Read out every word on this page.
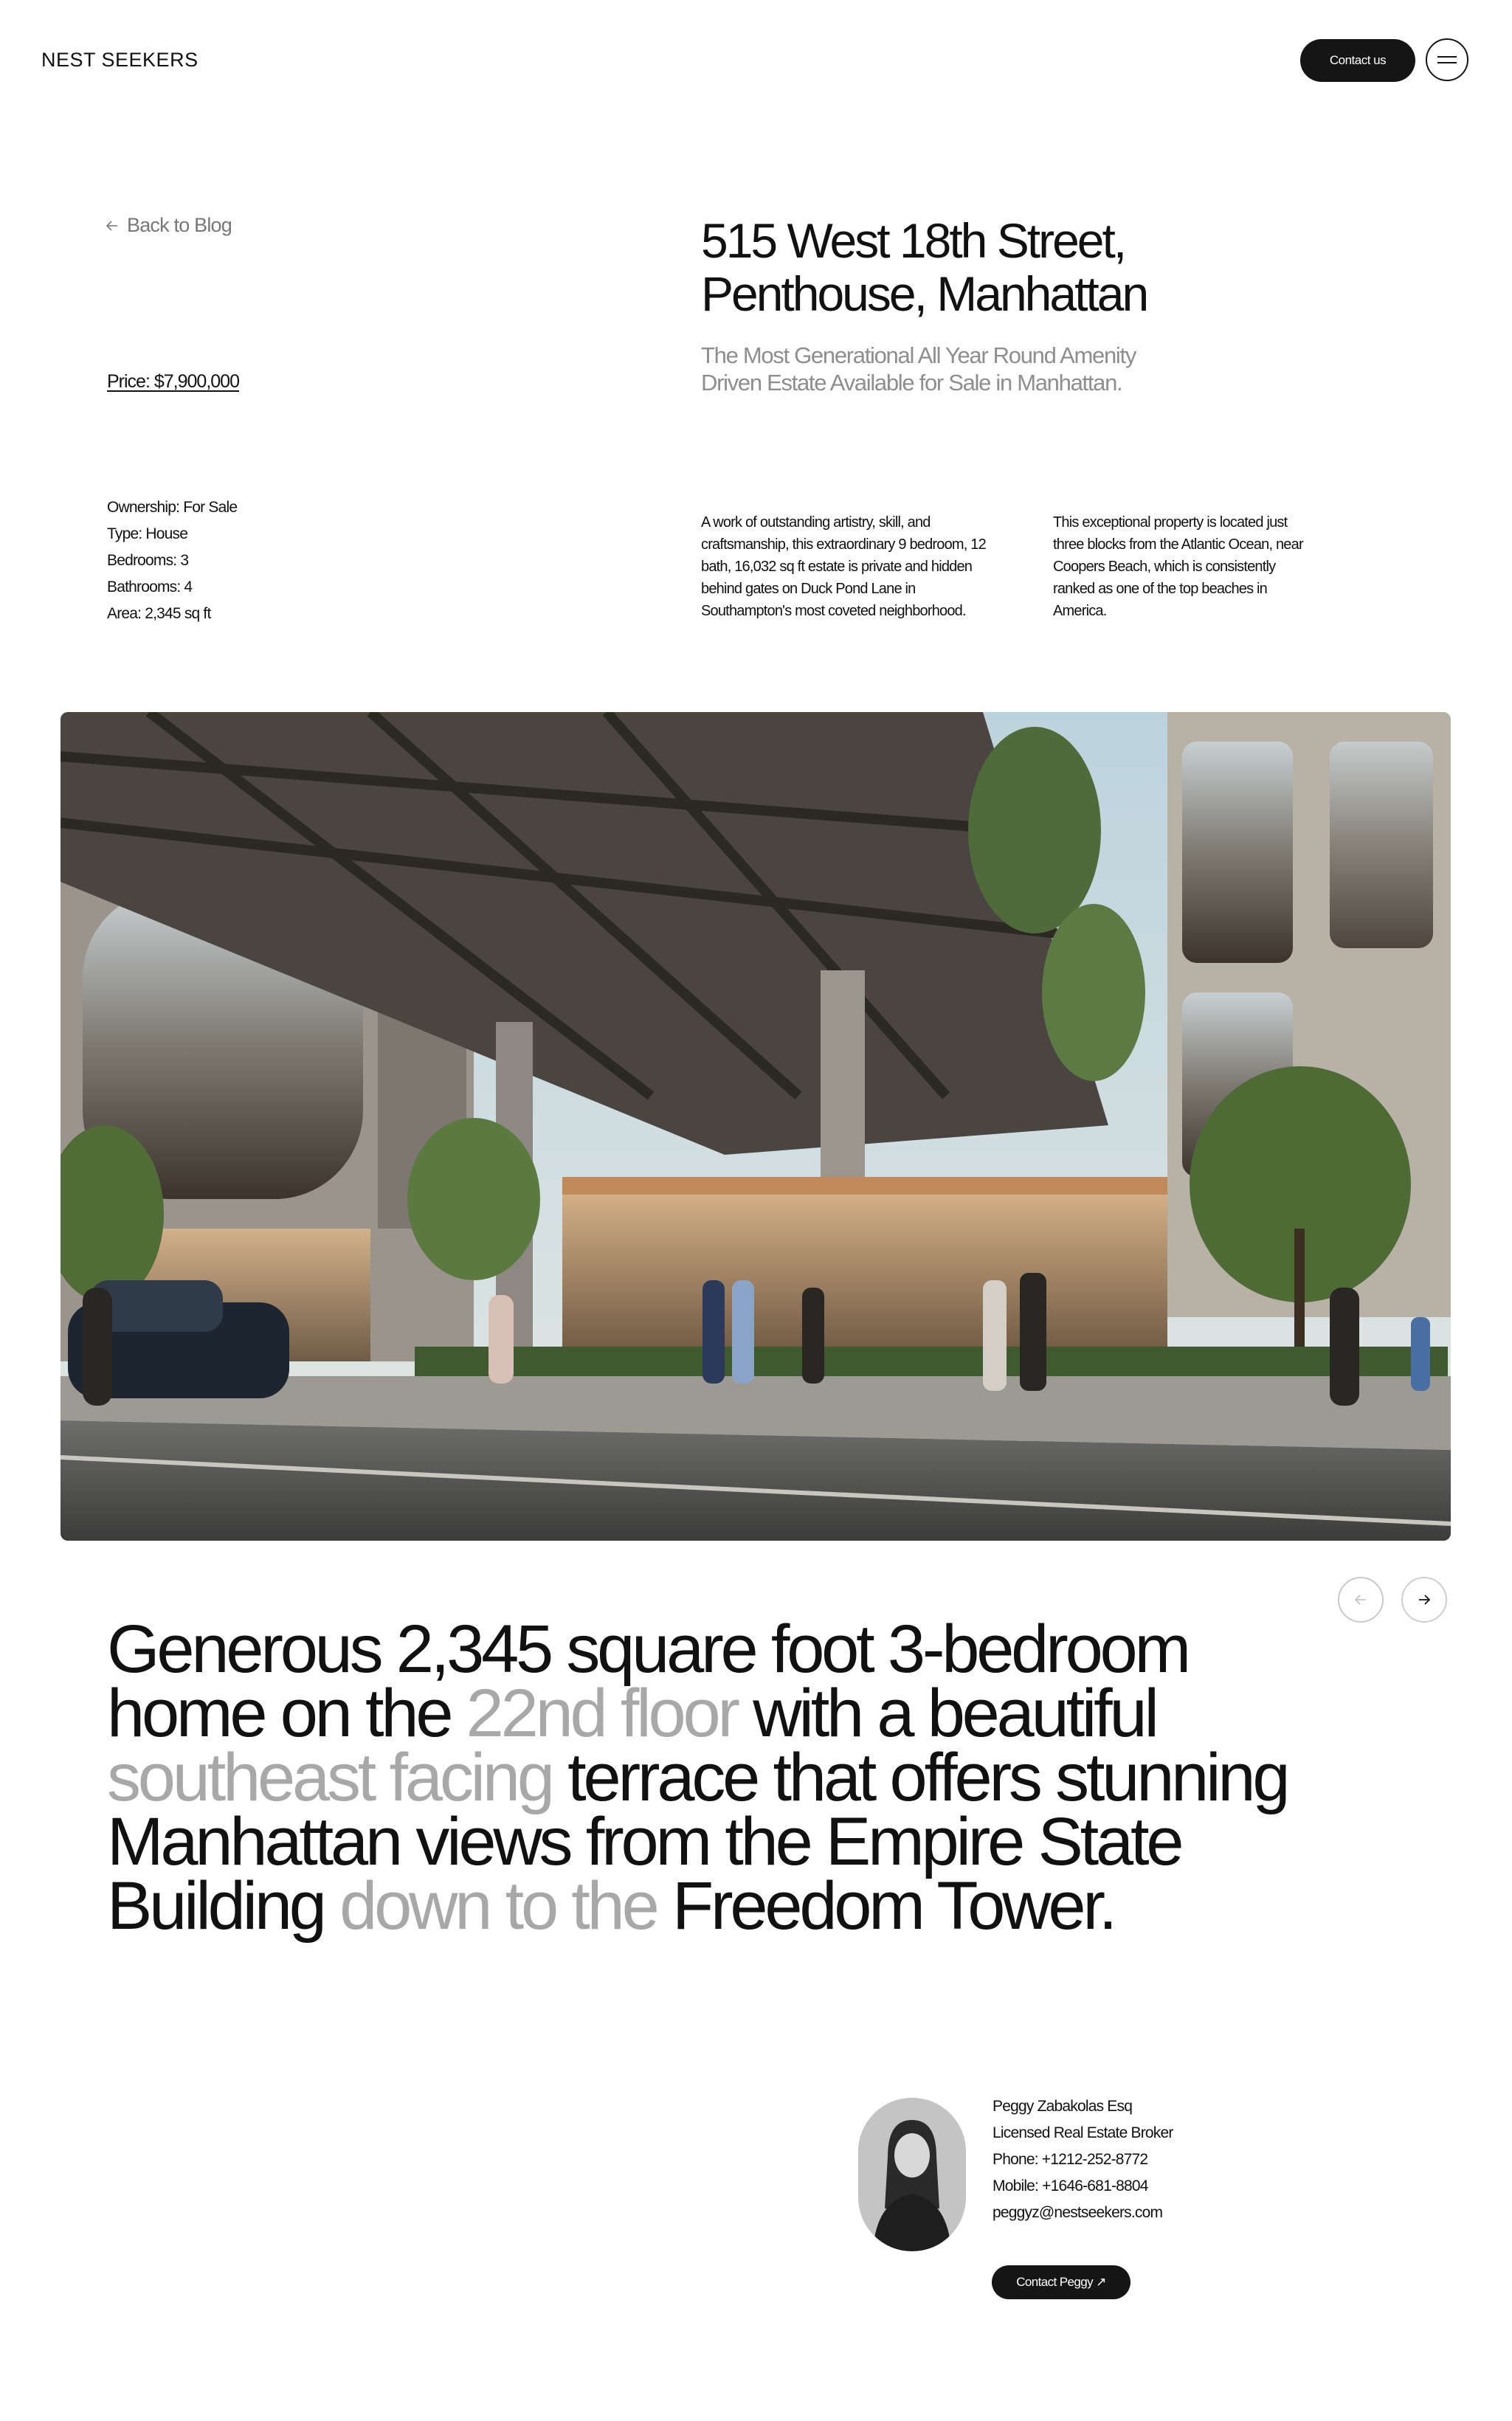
NEST SEEKERS	Contact us
Back to Blog	515 West 18th Street,
Penthouse, Manhattan
The Most Generational All Year Round Amenity
Driven Estate Available for Sale in Manhattan.
Price: $7,900,000
Ownership: For Sale
Type: House
Bedrooms: 3
Bathrooms: 4
Area: 2,345 sq ft
A work of outstanding artistry, skill, and craftsmanship, this extraordinary 9 bedroom, 12 bath, 16,032 sq ft estate is private and hidden behind gates on Duck Pond Lane in Southampton's most coveted neighborhood.
This exceptional property is located just three blocks from the Atlantic Ocean, near Coopers Beach, which is consistently ranked as one of the top beaches in America.
Generous 2,345 square foot 3-bedroom home on the 22nd floor with a beautiful southeast facing terrace that offers stunning Manhattan views from the Empire State Building down to the Freedom Tower.
Peggy Zabakolas Esq
Licensed Real Estate Broker
Phone: +1212-252-8772
Mobile: +1646-681-8804
peggyz@nestseekers.com
Contact Peggy ↗
